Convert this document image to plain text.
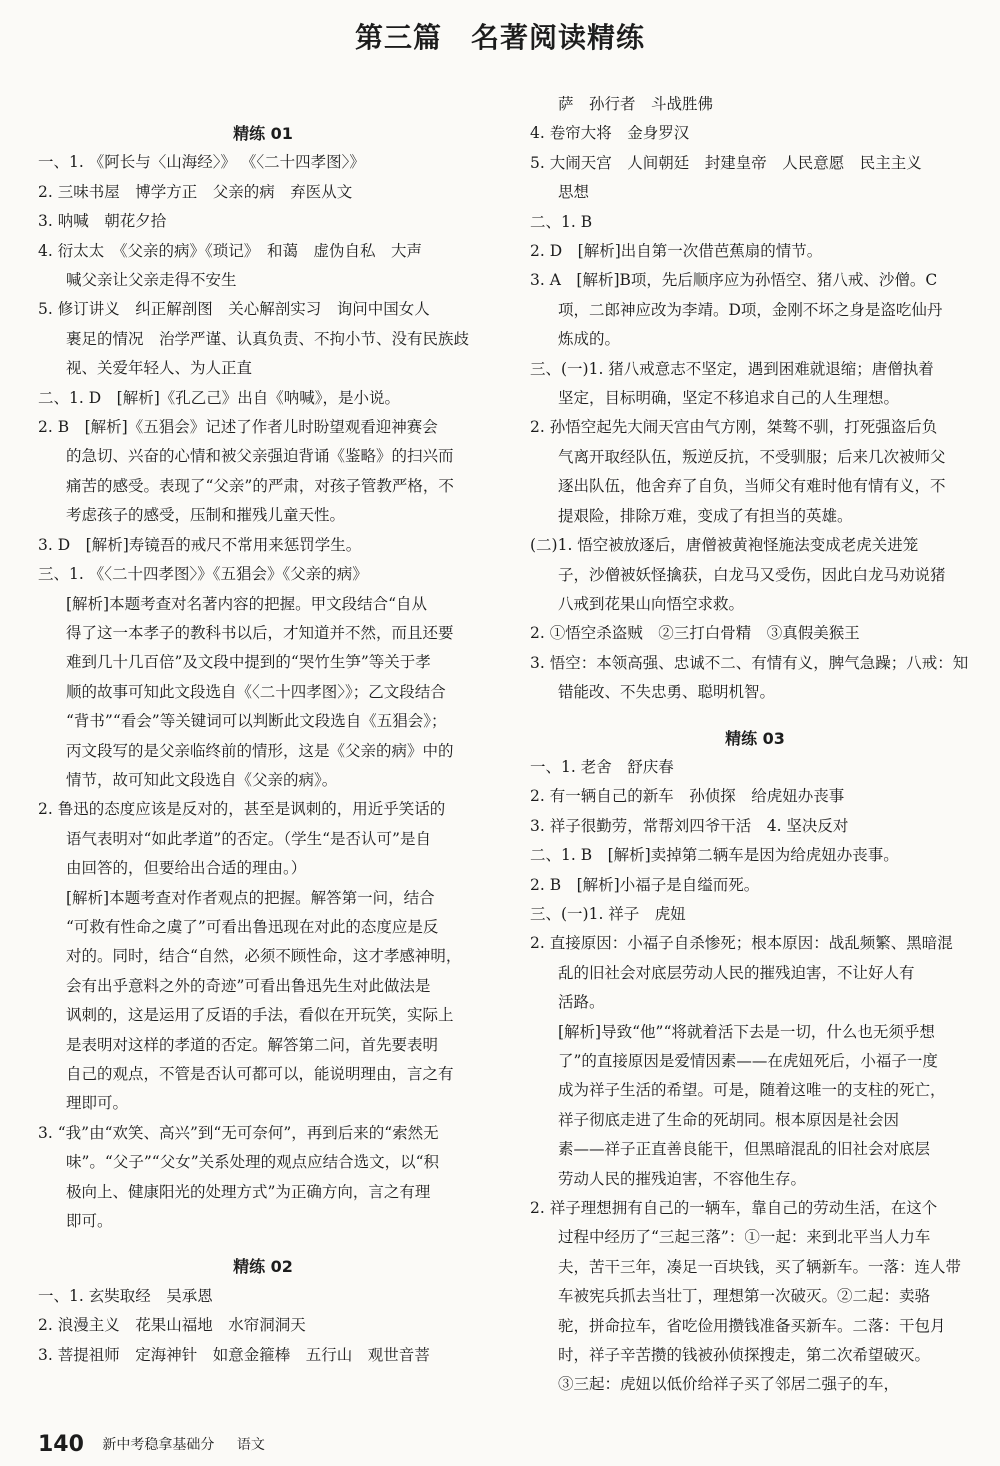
第三篇　名著阅读精练
精练 01
一、1. 《阿长与〈山海经〉》 《〈二十四孝图〉》
2. 三味书屋　博学方正　父亲的病　弃医从文
3. 呐喊　朝花夕拾
4. 衍太太　《父亲的病》《琐记》　和蔼　虚伪自私　大声
喊父亲让父亲走得不安生
5. 修订讲义　纠正解剖图　关心解剖实习　询问中国女人
裹足的情况　治学严谨、认真负责、不拘小节、没有民族歧
视、关爱年轻人、为人正直
二、1. D　[解析]《孔乙己》出自《呐喊》，是小说。
2. B　[解析]《五猖会》记述了作者儿时盼望观看迎神赛会
的急切、兴奋的心情和被父亲强迫背诵《鉴略》的扫兴而
痛苦的感受。表现了“父亲”的严肃，对孩子管教严格，不
考虑孩子的感受，压制和摧残儿童天性。
3. D　[解析]寿镜吾的戒尺不常用来惩罚学生。
三、1. 《〈二十四孝图〉》《五猖会》《父亲的病》
[解析]本题考查对名著内容的把握。甲文段结合“自从
得了这一本孝子的教科书以后，才知道并不然，而且还要
难到几十几百倍”及文段中提到的“哭竹生笋”等关于孝
顺的故事可知此文段选自《〈二十四孝图〉》；乙文段结合
“背书”“看会”等关键词可以判断此文段选自《五猖会》；
丙文段写的是父亲临终前的情形，这是《父亲的病》中的
情节，故可知此文段选自《父亲的病》。
2. 鲁迅的态度应该是反对的，甚至是讽刺的，用近乎笑话的
语气表明对“如此孝道”的否定。（学生“是否认可”是自
由回答的，但要给出合适的理由。）
[解析]本题考查对作者观点的把握。解答第一问，结合
“可救有性命之虞了”可看出鲁迅现在对此的态度应是反
对的。同时，结合“自然，必须不顾性命，这才孝感神明，
会有出乎意料之外的奇迹”可看出鲁迅先生对此做法是
讽刺的，这是运用了反语的手法，看似在开玩笑，实际上
是表明对这样的孝道的否定。解答第二问，首先要表明
自己的观点，不管是否认可都可以，能说明理由，言之有
理即可。
3. “我”由“欢笑、高兴”到“无可奈何”，再到后来的“索然无
味”。“父子”“父女”关系处理的观点应结合选文，以“积
极向上、健康阳光的处理方式”为正确方向，言之有理
即可。
精练 02
一、1. 玄奘取经　吴承恩
2. 浪漫主义　花果山福地　水帘洞洞天
3. 菩提祖师　定海神针　如意金箍棒　五行山　观世音菩
萨　孙行者　斗战胜佛
4. 卷帘大将　金身罗汉
5. 大闹天宫　人间朝廷　封建皇帝　人民意愿　民主主义
思想
二、1. B
2. D　[解析]出自第一次借芭蕉扇的情节。
3. A　[解析]B项，先后顺序应为孙悟空、猪八戒、沙僧。C
项，二郎神应改为李靖。D项，金刚不坏之身是盗吃仙丹
炼成的。
三、(一)1. 猪八戒意志不坚定，遇到困难就退缩；唐僧执着
坚定，目标明确，坚定不移追求自己的人生理想。
2. 孙悟空起先大闹天宫由气方刚，桀骜不驯，打死强盗后负
气离开取经队伍，叛逆反抗，不受驯服；后来几次被师父
逐出队伍，他舍弃了自负，当师父有难时他有情有义，不
提艰险，排除万难，变成了有担当的英雄。
(二)1. 悟空被放逐后，唐僧被黄袍怪施法变成老虎关进笼
子，沙僧被妖怪擒获，白龙马又受伤，因此白龙马劝说猪
八戒到花果山向悟空求救。
2. ①悟空杀盗贼　②三打白骨精　③真假美猴王
3. 悟空：本领高强、忠诚不二、有情有义，脾气急躁；八戒：知
错能改、不失忠勇、聪明机智。
精练 03
一、1. 老舍　舒庆春
2. 有一辆自己的新车　孙侦探　给虎妞办丧事
3. 祥子很勤劳，常帮刘四爷干活　4. 坚决反对
二、1. B　[解析]卖掉第二辆车是因为给虎妞办丧事。
2. B　[解析]小福子是自缢而死。
三、(一)1. 祥子　虎妞
2. 直接原因：小福子自杀惨死；根本原因：战乱频繁、黑暗混
乱的旧社会对底层劳动人民的摧残迫害，不让好人有
活路。
[解析]导致“他”“将就着活下去是一切，什么也无须乎想
了”的直接原因是爱情因素——在虎妞死后，小福子一度
成为祥子生活的希望。可是，随着这唯一的支柱的死亡，
祥子彻底走进了生命的死胡同。根本原因是社会因
素——祥子正直善良能干，但黑暗混乱的旧社会对底层
劳动人民的摧残迫害，不容他生存。
2. 祥子理想拥有自己的一辆车，靠自己的劳动生活，在这个
过程中经历了“三起三落”：①一起：来到北平当人力车
夫，苦干三年，凑足一百块钱，买了辆新车。一落：连人带
车被宪兵抓去当壮丁，理想第一次破灭。②二起：卖骆
驼，拼命拉车，省吃俭用攒钱准备买新车。二落：干包月
时，祥子辛苦攒的钱被孙侦探搜走，第二次希望破灭。
③三起：虎妞以低价给祥子买了邻居二强子的车，
140 新中考稳拿基础分 语文
